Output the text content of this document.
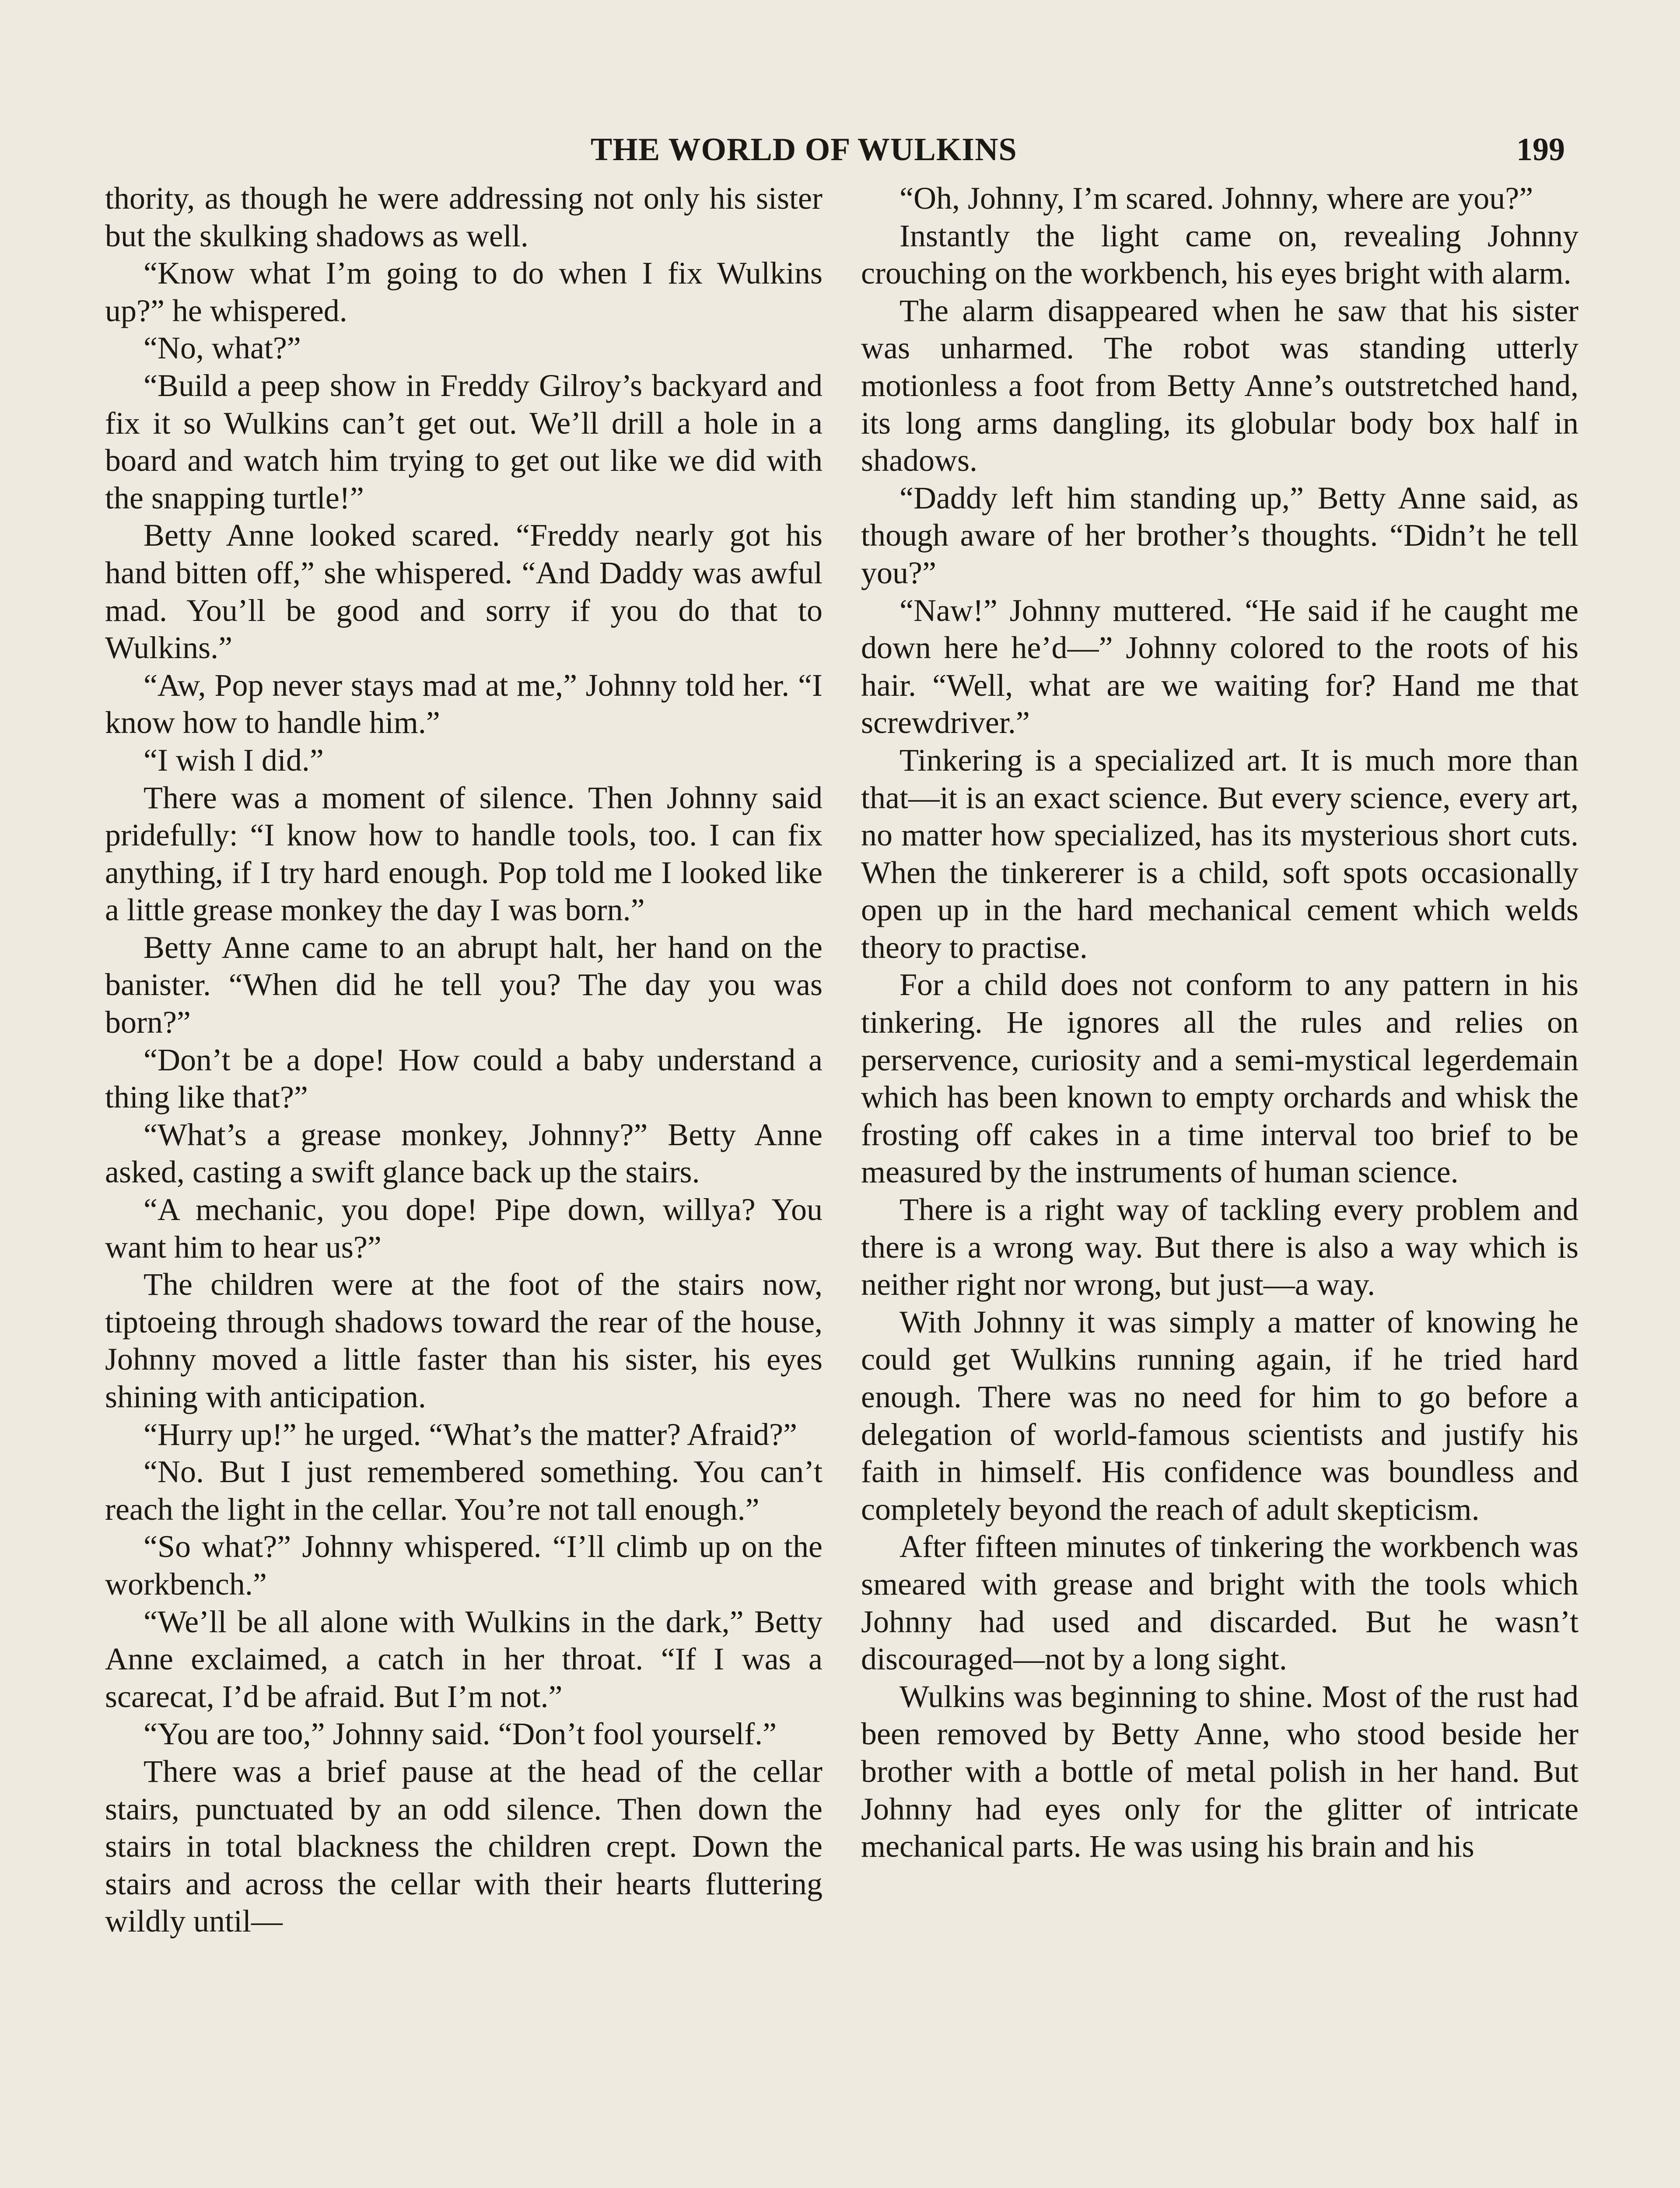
THE WORLD OF WULKINS	199

thority, as though he were addressing not only his sister but the skulking shadows as well.

“Know what I’m going to do when I fix Wulkins up?” he whispered.

“No, what?”

“Build a peep show in Freddy Gilroy’s backyard and fix it so Wulkins can’t get out. We’ll drill a hole in a board and watch him trying to get out like we did with the snapping turtle!”

Betty Anne looked scared. “Freddy nearly got his hand bitten off,” she whispered. “And Daddy was awful mad. You’ll be good and sorry if you do that to Wulkins.”

“Aw, Pop never stays mad at me,” Johnny told her. “I know how to handle him.”

“I wish I did.”

There was a moment of silence. Then Johnny said pridefully: “I know how to handle tools, too. I can fix anything, if I try hard enough. Pop told me I looked like a little grease monkey the day I was born.”

Betty Anne came to an abrupt halt, her hand on the banister. “When did he tell you? The day you was born?”

“Don’t be a dope! How could a baby understand a thing like that?”

“What’s a grease monkey, Johnny?” Betty Anne asked, casting a swift glance back up the stairs.

“A mechanic, you dope! Pipe down, willya? You want him to hear us?”

The children were at the foot of the stairs now, tiptoeing through shadows toward the rear of the house, Johnny moved a little faster than his sister, his eyes shining with anticipation.

“Hurry up!” he urged. “What’s the matter? Afraid?”

“No. But I just remembered something. You can’t reach the light in the cellar. You’re not tall enough.”

“So what?” Johnny whispered. “I’ll climb up on the workbench.”

“We’ll be all alone with Wulkins in the dark,” Betty Anne exclaimed, a catch in her throat. “If I was a scarecat, I’d be afraid. But I’m not.”

“You are too,” Johnny said. “Don’t fool yourself.”

There was a brief pause at the head of the cellar stairs, punctuated by an odd silence. Then down the stairs in total blackness the children crept. Down the stairs and across the cellar with their hearts fluttering wildly until—

“Oh, Johnny, I’m scared. Johnny, where are you?”

Instantly the light came on, revealing Johnny crouching on the workbench, his eyes bright with alarm.

The alarm disappeared when he saw that his sister was unharmed. The robot was standing utterly motionless a foot from Betty Anne’s outstretched hand, its long arms dangling, its globular body box half in shadows.

“Daddy left him standing up,” Betty Anne said, as though aware of her brother’s thoughts. “Didn’t he tell you?”

“Naw!” Johnny muttered. “He said if he caught me down here he’d—” Johnny colored to the roots of his hair. “Well, what are we waiting for? Hand me that screwdriver.”

Tinkering is a specialized art. It is much more than that—it is an exact science. But every science, every art, no matter how specialized, has its mysterious short cuts. When the tinkererer is a child, soft spots occasionally open up in the hard mechanical cement which welds theory to practise.

For a child does not conform to any pattern in his tinkering. He ignores all the rules and relies on perservence, curiosity and a semi-mystical legerdemain which has been known to empty orchards and whisk the frosting off cakes in a time interval too brief to be measured by the instruments of human science.

There is a right way of tackling every problem and there is a wrong way. But there is also a way which is neither right nor wrong, but just—a way.

With Johnny it was simply a matter of knowing he could get Wulkins running again, if he tried hard enough. There was no need for him to go before a delegation of world-famous scientists and justify his faith in himself. His confidence was boundless and completely beyond the reach of adult skepticism.

After fifteen minutes of tinkering the workbench was smeared with grease and bright with the tools which Johnny had used and discarded. But he wasn’t discouraged—not by a long sight.

Wulkins was beginning to shine. Most of the rust had been removed by Betty Anne, who stood beside her brother with a bottle of metal polish in her hand. But Johnny had eyes only for the glitter of intricate mechanical parts. He was using his brain and his
